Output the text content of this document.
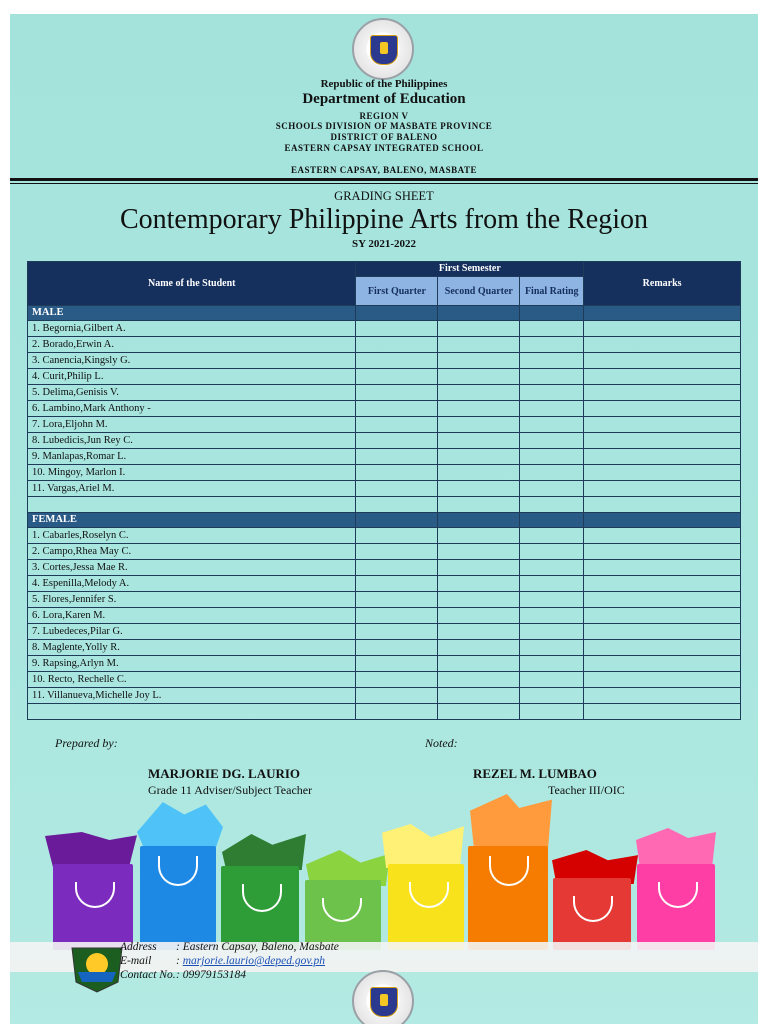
Republic of the Philippines
Department of Education
REGION V
SCHOOLS DIVISION OF MASBATE PROVINCE
DISTRICT OF BALENO
EASTERN CAPSAY INTEGRATED SCHOOL
EASTERN CAPSAY, BALENO, MASBATE
GRADING SHEET
Contemporary Philippine Arts from the Region
SY 2021-2022
Name of the Student	First Semester			Remarks
	First Quarter	Second Quarter	Final Rating	
MALE				
1. Begornia,Gilbert A.				
2. Borado,Erwin A.				
3. Canencia,Kingsly G.				
4. Curit,Philip L.				
5. Delima,Genisis V.				
6. Lambino,Mark Anthony -				
7. Lora,Eljohn M.				
8. Lubedicis,Jun Rey C.				
9. Manlapas,Romar L.				
10. Mingoy, Marlon I.				
11. Vargas,Ariel M.				

FEMALE				
1. Cabarles,Roselyn C.				
2. Campo,Rhea May C.				
3. Cortes,Jessa Mae R.				
4. Espenilla,Melody A.				
5. Flores,Jennifer S.				
6. Lora,Karen M.				
7. Lubedeces,Pilar G.				
8. Maglente,Yolly R.				
9. Rapsing,Arlyn M.				
10. Recto, Rechelle C.				
11. Villanueva,Michelle Joy L.				

Prepared by:	Noted:
MARJORIE DG. LAURIO
Grade 11 Adviser/Subject Teacher
REZEL M. LUMBAO
Teacher III/OIC
Address : Eastern Capsay, Baleno, Masbate
E-mail : marjorie.laurio@deped.gov.ph
Contact No.: 09979153184
